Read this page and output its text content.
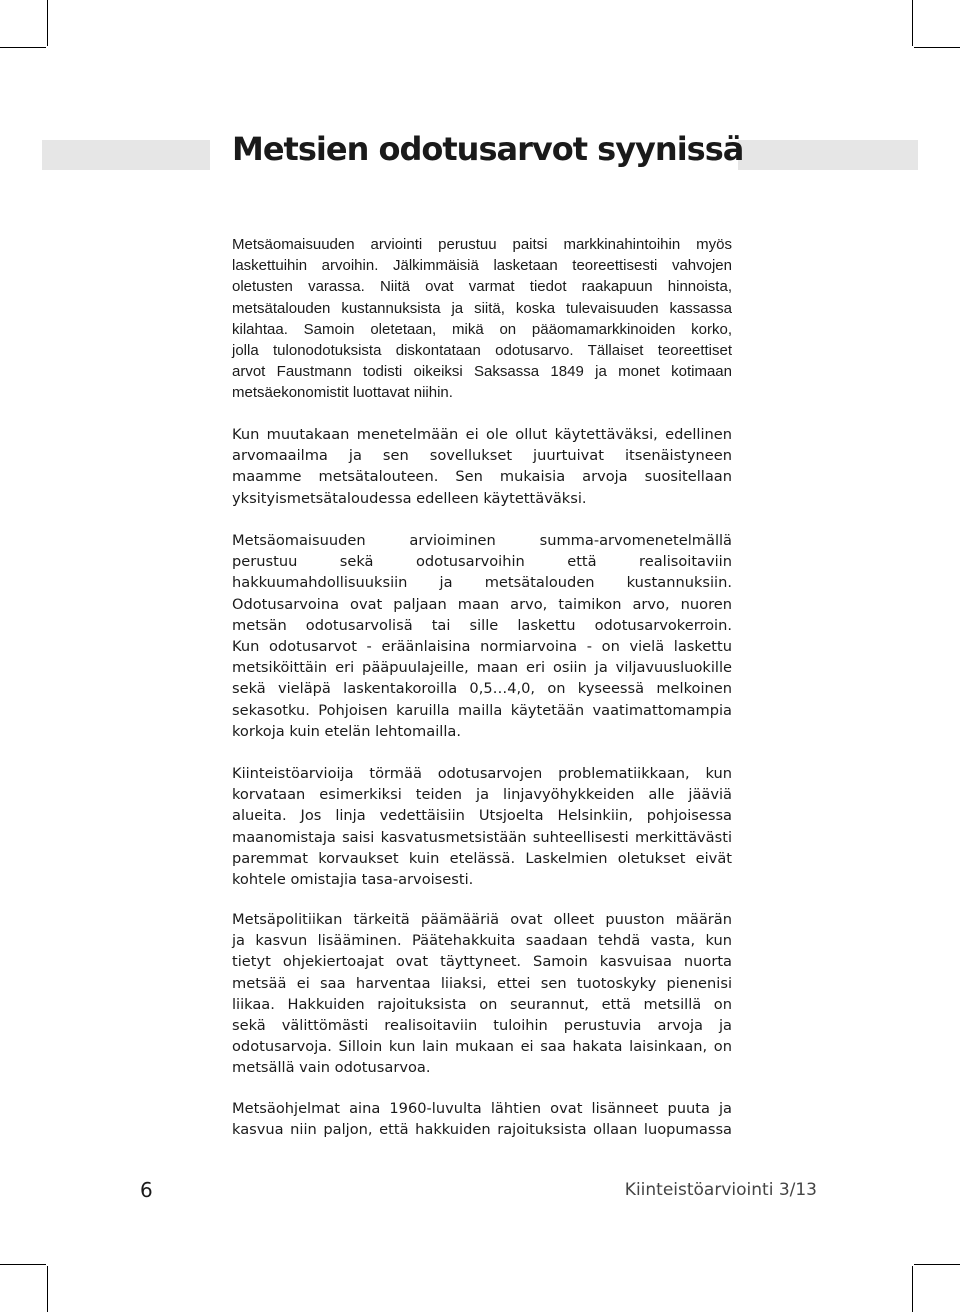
Metsien odotusarvot syynissä
Metsäomaisuuden arviointi perustuu paitsi markkinahintoihin myös
laskettuihin arvoihin. Jälkimmäisiä lasketaan teoreettisesti vahvojen
oletusten varassa. Niitä ovat varmat tiedot raakapuun hinnoista,
metsätalouden kustannuksista ja siitä, koska tulevaisuuden kassassa
kilahtaa. Samoin oletetaan, mikä on pääomamarkkinoiden korko,
jolla tulonodotuksista diskontataan odotusarvo. Tällaiset teoreettiset
arvot Faustmann todisti oikeiksi Saksassa 1849 ja monet kotimaan
metsäekonomistit luottavat niihin.
Kun muutakaan menetelmään ei ole ollut käytettäväksi, edellinen
arvomaailma ja sen sovellukset juurtuivat itsenäistyneen
maamme metsätalouteen. Sen mukaisia arvoja suositellaan
yksityismetsätaloudessa edelleen käytettäväksi.
Metsäomaisuuden arvioiminen summa-arvomenetelmällä
perustuu sekä odotusarvoihin että realisoitaviin
hakkuumahdollisuuksiin ja metsätalouden kustannuksiin.
Odotusarvoina ovat paljaan maan arvo, taimikon arvo, nuoren
metsän odotusarvolisä tai sille laskettu odotusarvokerroin.
Kun odotusarvot - eräänlaisina normiarvoina - on vielä laskettu
metsiköittäin eri pääpuulajeille, maan eri osiin ja viljavuusluokille
sekä vieläpä laskentakoroilla 0,5…4,0, on kyseessä melkoinen
sekasotku. Pohjoisen karuilla mailla käytetään vaatimattomampia
korkoja kuin etelän lehtomailla.
Kiinteistöarvioija törmää odotusarvojen problematiikkaan, kun
korvataan esimerkiksi teiden ja linjavyöhykkeiden alle jääviä
alueita. Jos linja vedettäisiin Utsjoelta Helsinkiin, pohjoisessa
maanomistaja saisi kasvatusmetsistään suhteellisesti merkittävästi
paremmat korvaukset kuin etelässä. Laskelmien oletukset eivät
kohtele omistajia tasa-arvoisesti.
Metsäpolitiikan tärkeitä päämääriä ovat olleet puuston määrän
ja kasvun lisääminen. Päätehakkuita saadaan tehdä vasta, kun
tietyt ohjekiertoajat ovat täyttyneet. Samoin kasvuisaa nuorta
metsää ei saa harventaa liiaksi, ettei sen tuotoskyky pienenisi
liikaa. Hakkuiden rajoituksista on seurannut, että metsillä on
sekä välittömästi realisoitaviin tuloihin perustuvia arvoja ja
odotusarvoja. Silloin kun lain mukaan ei saa hakata laisinkaan, on
metsällä vain odotusarvoa.
Metsäohjelmat aina 1960-luvulta lähtien ovat lisänneet puuta ja
kasvua niin paljon, että hakkuiden rajoituksista ollaan luopumassa
6	Kiinteistöarviointi 3/13
